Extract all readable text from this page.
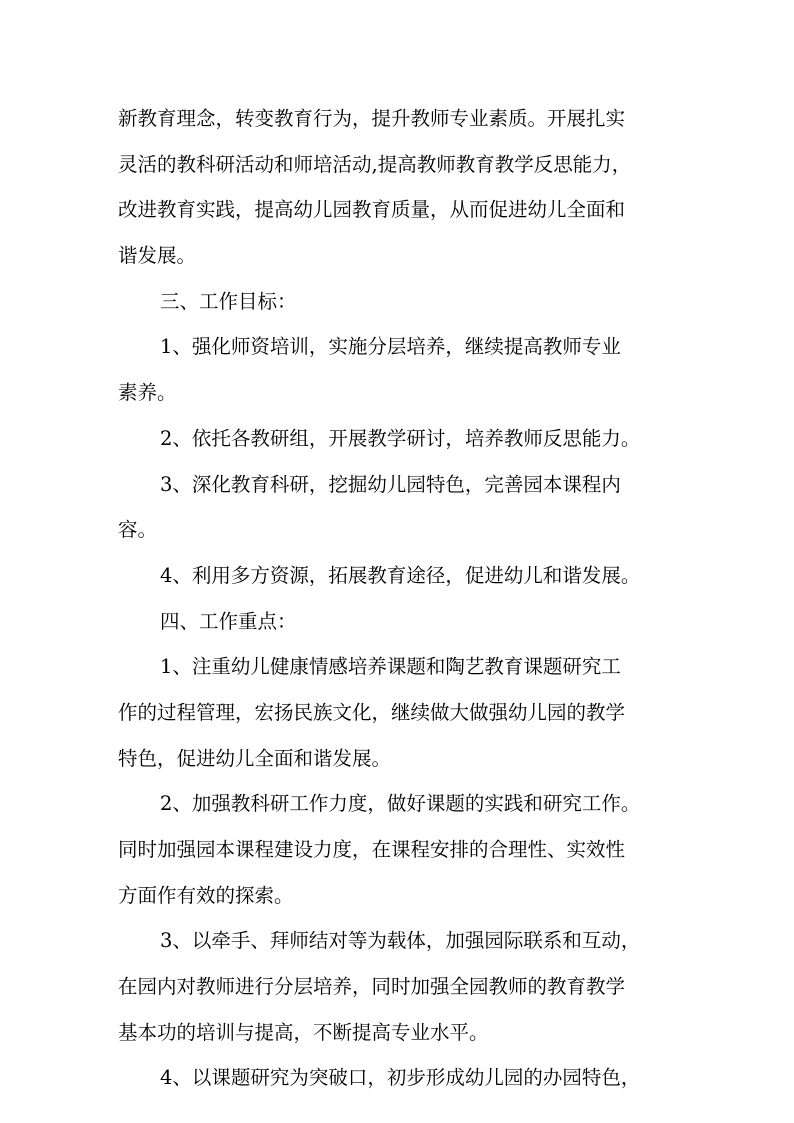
新教育理念，转变教育行为，提升教师专业素质。开展扎实

灵活的教科研活动和师培活动,提高教师教育教学反思能力，

改进教育实践，提高幼儿园教育质量，从而促进幼儿全面和

谐发展。

三、工作目标：

1、强化师资培训，实施分层培养，继续提高教师专业

素养。

2、依托各教研组，开展教学研讨，培养教师反思能力。

3、深化教育科研，挖掘幼儿园特色，完善园本课程内

容。

4、利用多方资源，拓展教育途径，促进幼儿和谐发展。

四、工作重点：

1、注重幼儿健康情感培养课题和陶艺教育课题研究工

作的过程管理，宏扬民族文化，继续做大做强幼儿园的教学

特色，促进幼儿全面和谐发展。

2、加强教科研工作力度，做好课题的实践和研究工作。

同时加强园本课程建设力度，在课程安排的合理性、实效性

方面作有效的探索。

3、以牵手、拜师结对等为载体，加强园际联系和互动，

在园内对教师进行分层培养，同时加强全园教师的教育教学

基本功的培训与提高，不断提高专业水平。

4、以课题研究为突破口，初步形成幼儿园的办园特色，
